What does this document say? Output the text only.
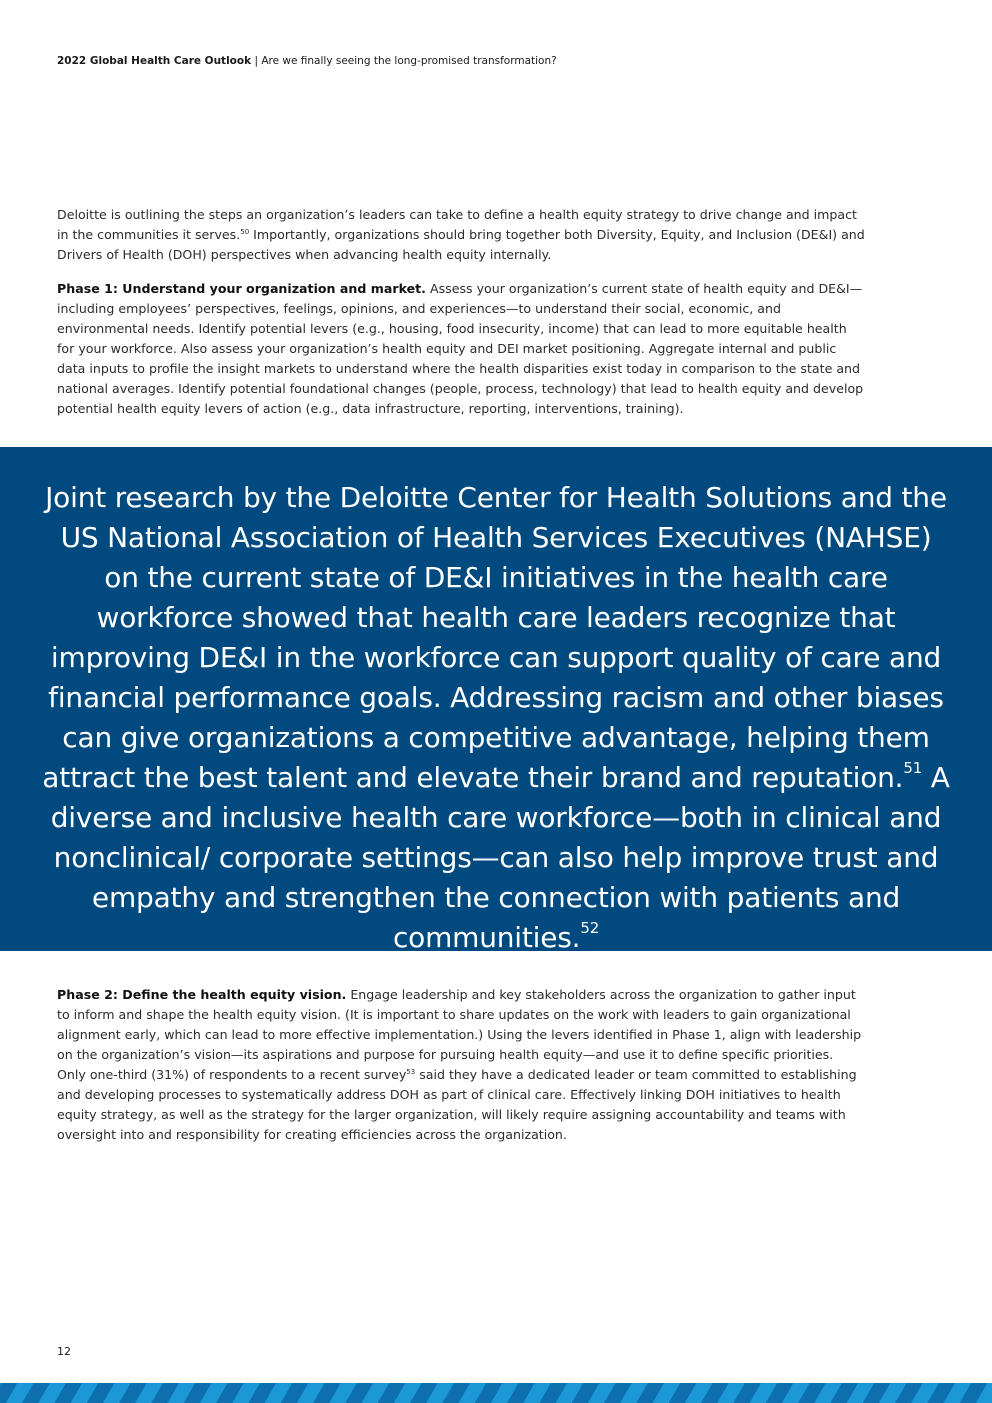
2022 Global Health Care Outlook | Are we finally seeing the long-promised transformation?

Deloitte is outlining the steps an organization’s leaders can take to define a health equity strategy to drive change and impact in the communities it serves.$^{50}$ Importantly, organizations should bring together both Diversity, Equity, and Inclusion (DE&I) and Drivers of Health (DOH) perspectives when advancing health equity internally.

Phase 1: Understand your organization and market. Assess your organization’s current state of health equity and DE&I—including employees’ perspectives, feelings, opinions, and experiences—to understand their social, economic, and environmental needs. Identify potential levers (e.g., housing, food insecurity, income) that can lead to more equitable health for your workforce. Also assess your organization’s health equity and DEI market positioning. Aggregate internal and public data inputs to profile the insight markets to understand where the health disparities exist today in comparison to the state and national averages. Identify potential foundational changes (people, process, technology) that lead to health equity and develop potential health equity levers of action (e.g., data infrastructure, reporting, interventions, training).

Joint research by the Deloitte Center for Health Solutions and the US National Association of Health Services Executives (NAHSE) on the current state of DE&I initiatives in the health care workforce showed that health care leaders recognize that improving DE&I in the workforce can support quality of care and financial performance goals. Addressing racism and other biases can give organizations a competitive advantage, helping them attract the best talent and elevate their brand and reputation.$^{51}$ A diverse and inclusive health care workforce—both in clinical and nonclinical/ corporate settings—can also help improve trust and empathy and strengthen the connection with patients and communities.$^{52}$

Phase 2: Define the health equity vision. Engage leadership and key stakeholders across the organization to gather input to inform and shape the health equity vision. (It is important to share updates on the work with leaders to gain organizational alignment early, which can lead to more effective implementation.) Using the levers identified in Phase 1, align with leadership on the organization’s vision—its aspirations and purpose for pursuing health equity—and use it to define specific priorities. Only one-third (31%) of respondents to a recent survey$^{53}$ said they have a dedicated leader or team committed to establishing and developing processes to systematically address DOH as part of clinical care. Effectively linking DOH initiatives to health equity strategy, as well as the strategy for the larger organization, will likely require assigning accountability and teams with oversight into and responsibility for creating efficiencies across the organization.

12
